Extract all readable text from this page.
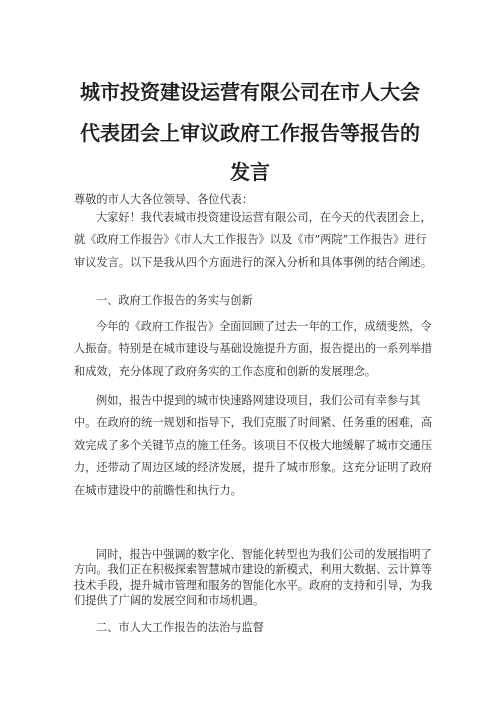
城市投资建设运营有限公司在市人大会
代表团会上审议政府工作报告等报告的
发言

尊敬的市人大各位领导、各位代表：

大家好！我代表城市投资建设运营有限公司，在今天的代表团会上，就《政府工作报告》《市人大工作报告》以及《市”两院”工作报告》进行审议发言。以下是我从四个方面进行的深入分析和具体事例的结合阐述。

一、政府工作报告的务实与创新

今年的《政府工作报告》全面回顾了过去一年的工作，成绩斐然，令人振奋。特别是在城市建设与基础设施提升方面，报告提出的一系列举措和成效，充分体现了政府务实的工作态度和创新的发展理念。

例如，报告中提到的城市快速路网建设项目，我们公司有幸参与其中。在政府的统一规划和指导下，我们克服了时间紧、任务重的困难，高效完成了多个关键节点的施工任务。该项目不仅极大地缓解了城市交通压力，还带动了周边区域的经济发展，提升了城市形象。这充分证明了政府在城市建设中的前瞻性和执行力。

同时，报告中强调的数字化、智能化转型也为我们公司的发展指明了方向。我们正在积极探索智慧城市建设的新模式，利用大数据、云计算等技术手段，提升城市管理和服务的智能化水平。政府的支持和引导，为我们提供了广阔的发展空间和市场机遇。

二、市人大工作报告的法治与监督
